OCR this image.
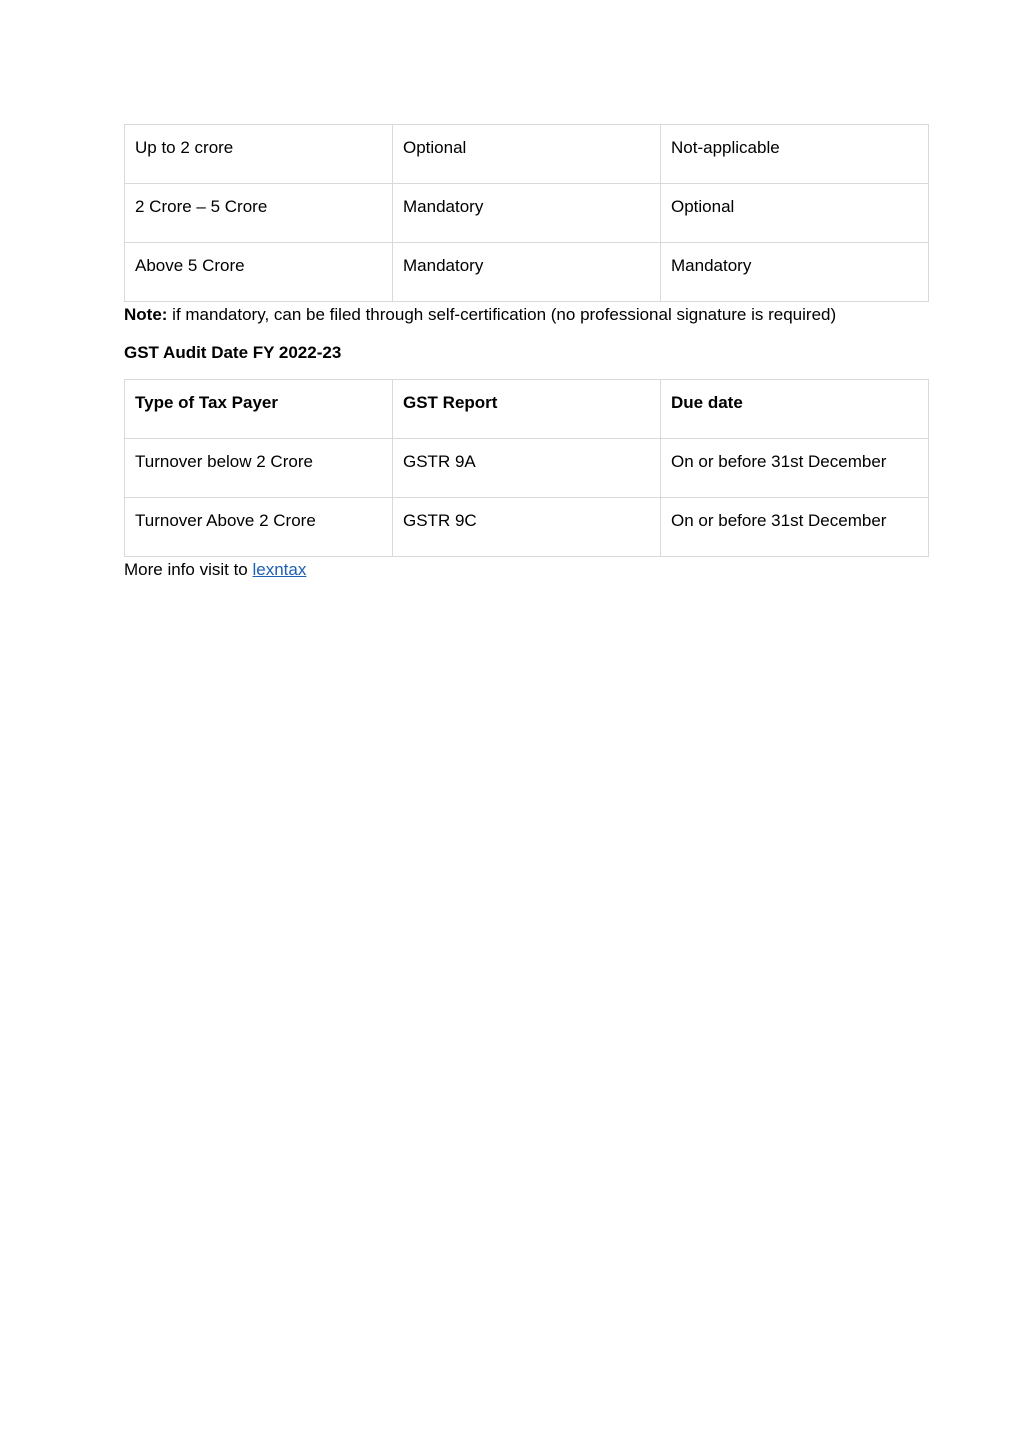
Up to 2 crore	Optional	Not-applicable

2 Crore – 5 Crore	Mandatory	Optional

Above 5 Crore	Mandatory	Mandatory

Note: if mandatory, can be filed through self-certification (no professional signature is required)

GST Audit Date FY 2022-23

Type of Tax Payer	GST Report	Due date

Turnover below 2 Crore	GSTR 9A	On or before 31st December

Turnover Above 2 Crore	GSTR 9C	On or before 31st December

More info visit to lexntax
